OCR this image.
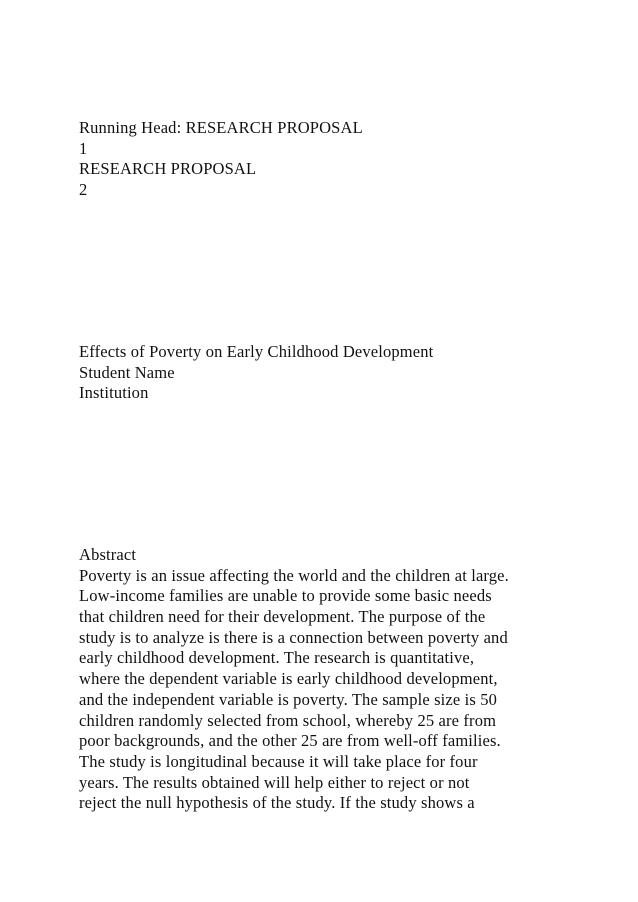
Running Head: RESEARCH PROPOSAL
1
RESEARCH PROPOSAL
2
Effects of Poverty on Early Childhood Development
Student Name
Institution
Abstract
Poverty is an issue affecting the world and the children at large.
Low-income families are unable to provide some basic needs
that children need for their development. The purpose of the
study is to analyze is there is a connection between poverty and
early childhood development. The research is quantitative,
where the dependent variable is early childhood development,
and the independent variable is poverty. The sample size is 50
children randomly selected from school, whereby 25 are from
poor backgrounds, and the other 25 are from well-off families.
The study is longitudinal because it will take place for four
years. The results obtained will help either to reject or not
reject the null hypothesis of the study. If the study shows a
